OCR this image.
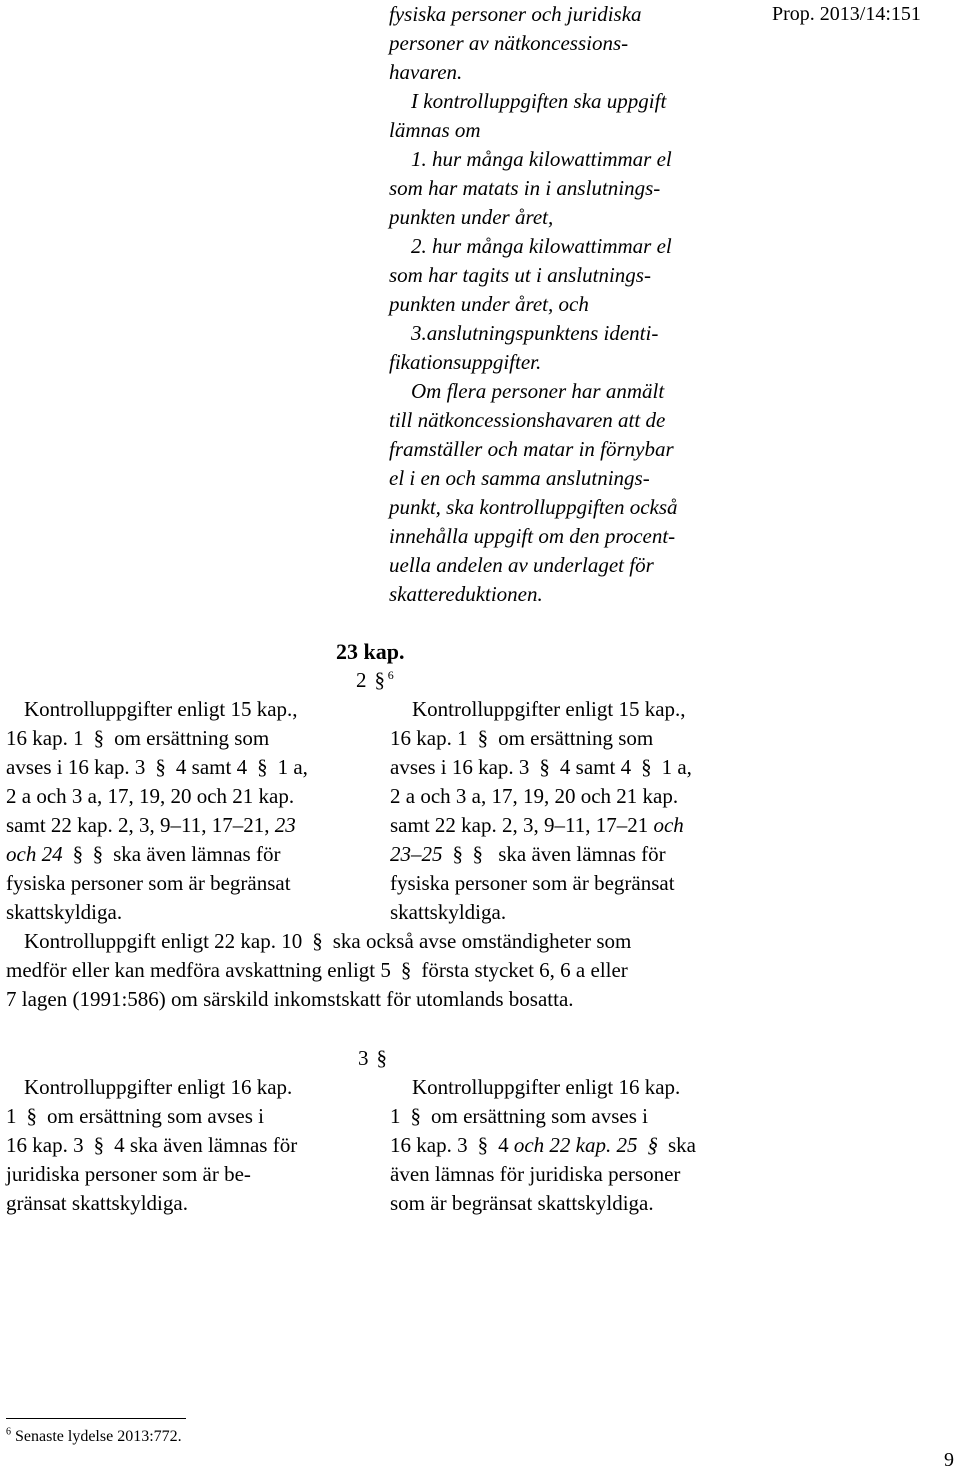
Prop. 2013/14:151
fysiska personer och juridiska
personer av nätkoncessions-
havaren.
I kontrolluppgiften ska uppgift
lämnas om
1. hur många kilowattimmar el
som har matats in i anslutnings-
punkten under året,
2. hur många kilowattimmar el
som har tagits ut i anslutnings-
punkten under året, och
3.anslutningspunktens identi-
fikationsuppgifter.
Om flera personer har anmält
till nätkoncessionshavaren att de
framställer och matar in förnybar
el i en och samma anslutnings-
punkt, ska kontrolluppgiften också
innehålla uppgift om den procent-
uella andelen av underlaget för
skattereduktionen.
23 kap.
2 § $^6$
Kontrolluppgifter enligt 15 kap.,
16 kap. 1 § om ersättning som
avses i 16 kap. 3 § 4 samt 4 § 1 a,
2 a och 3 a, 17, 19, 20 och 21 kap.
samt 22 kap. 2, 3, 9–11, 17–21, 23
och 24 § § ska även lämnas för
fysiska personer som är begränsat
skattskyldiga.
Kontrolluppgifter enligt 15 kap.,
16 kap. 1 § om ersättning som
avses i 16 kap. 3 § 4 samt 4 § 1 a,
2 a och 3 a, 17, 19, 20 och 21 kap.
samt 22 kap. 2, 3, 9–11, 17–21 och
23–25 § §	ska även lämnas för
fysiska personer som är begränsat
skattskyldiga.
Kontrolluppgift enligt 22 kap. 10 § ska också avse omständigheter som
medför eller kan medföra avskattning enligt 5 § första stycket 6, 6 a eller
7 lagen (1991:586) om särskild inkomstskatt för utomlands bosatta.
3 §
Kontrolluppgifter enligt 16 kap.
1 § om ersättning som avses i
16 kap. 3 § 4 ska även lämnas för
juridiska personer som är be-
gränsat skattskyldiga.
Kontrolluppgifter enligt 16 kap.
1 § om ersättning som avses i
16 kap. 3 § 4 och 22 kap. 25 § ska
även lämnas för juridiska personer
som är begränsat skattskyldiga.
$^6$ Senaste lydelse 2013:772.
9
